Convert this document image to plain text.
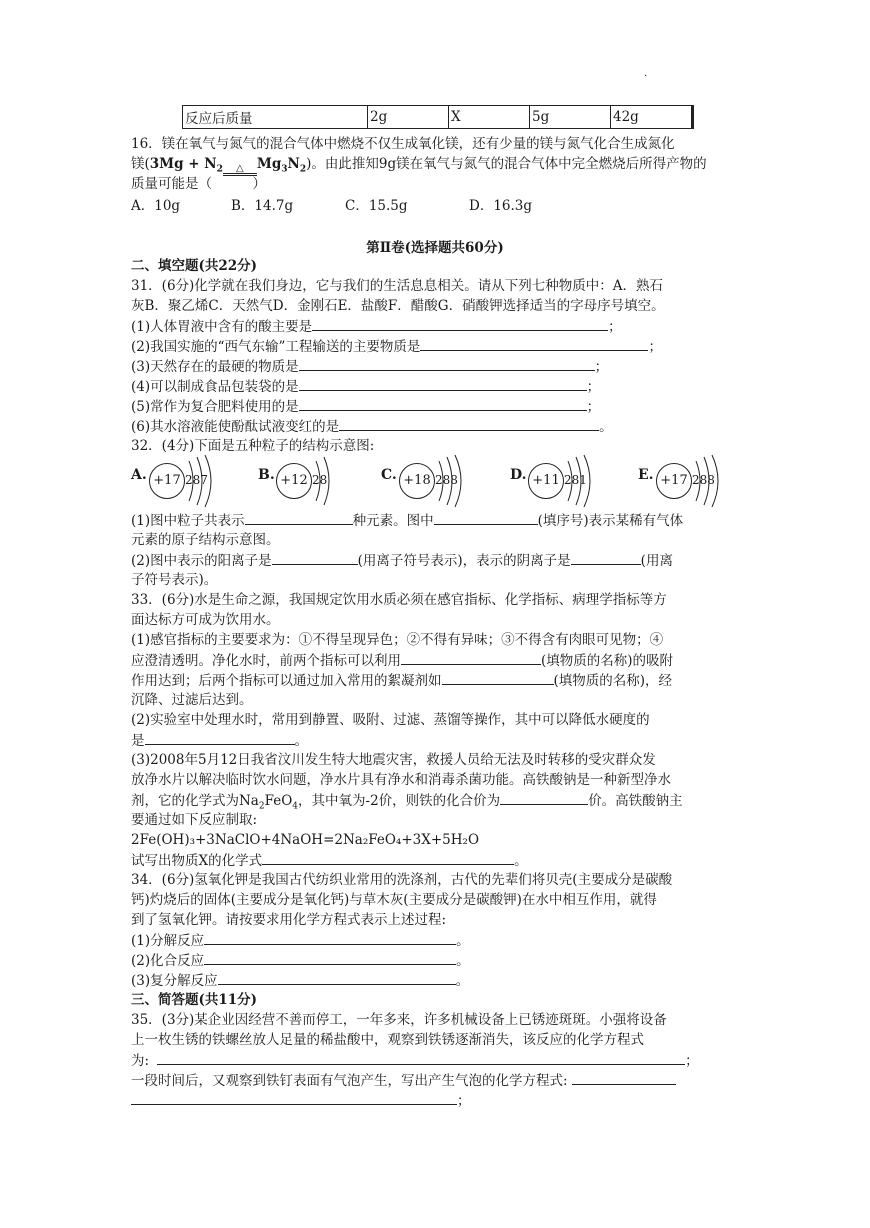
.
反应后质量	2g	X	5g	42g
16．镁在氧气与氮气的混合气体中燃烧不仅生成氧化镁，还有少量的镁与氮气化合生成氮化
镁($3Mg + N_2$	△ $Mg_3N_2$)。由此推知9g镁在氧气与氮气的混合气体中完全燃烧后所得产物的
质量可能是（　　　）
A．10g	B．14.7g	C．15.5g	D．16.3g
第Ⅱ卷(选择题共60分)
二、填空题(共22分)
31．(6分)化学就在我们身边，它与我们的生活息息相关。请从下列七种物质中：A．熟石
灰B．聚乙烯C．天然气D．金刚石E．盐酸F．醋酸G．硝酸钾选择适当的字母序号填空。
(1)人体胃液中含有的酸主要是	；
(2)我国实施的“西气东输”工程输送的主要物质是	；
(3)天然存在的最硬的物质是	；
(4)可以制成食品包装袋的是	；
(5)常作为复合肥料使用的是	；
(6)其水溶液能使酚酞试液变红的是	。
32．(4分)下面是五种粒子的结构示意图:
A. +17 287	B. +12 28	C. +18 288	D. +11 281	E. +17 288
(1)图中粒子共表示	种元素。图中	(填序号)表示某稀有气体
元素的原子结构示意图。
(2)图中表示的阳离子是	(用离子符号表示)，表示的阴离子是	(用离
子符号表示)。
33．(6分)水是生命之源，我国规定饮用水质必须在感官指标、化学指标、病理学指标等方
面达标方可成为饮用水。
(1)感官指标的主要要求为：①不得呈现异色；②不得有异味；③不得含有肉眼可见物；④
应澄清透明。净化水时，前两个指标可以利用	(填物质的名称)的吸附
作用达到；后两个指标可以通过加入常用的絮凝剂如	(填物质的名称)，经
沉降、过滤后达到。
(2)实验室中处理水时，常用到静置、吸附、过滤、蒸馏等操作，其中可以降低水硬度的
是	。
(3)2008年5月12日我省汶川发生特大地震灾害，救援人员给无法及时转移的受灾群众发
放净水片以解决临时饮水问题，净水片具有净水和消毒杀菌功能。高铁酸钠是一种新型净水
剂，它的化学式为$Na_2FeO_4$，其中氧为-2价，则铁的化合价为	价。高铁酸钠主
要通过如下反应制取:
2Fe(OH)₃+3NaClO+4NaOH=2Na₂FeO₄+3X+5H₂O
试写出物质X的化学式	。
34．(6分)氢氧化钾是我国古代纺织业常用的洗涤剂，古代的先辈们将贝壳(主要成分是碳酸
钙)灼烧后的固体(主要成分是氧化钙)与草木灰(主要成分是碳酸钾)在水中相互作用，就得
到了氢氧化钾。请按要求用化学方程式表示上述过程:
(1)分解反应	。
(2)化合反应	。
(3)复分解反应	。
三、简答题(共11分)
35．(3分)某企业因经营不善而停工，一年多来，许多机械设备上已锈迹斑斑。小强将设备
上一枚生锈的铁螺丝放人足量的稀盐酸中，观察到铁锈逐渐消失，该反应的化学方程式
为:	；
一段时间后，又观察到铁钉表面有气泡产生，写出产生气泡的化学方程式:
；
